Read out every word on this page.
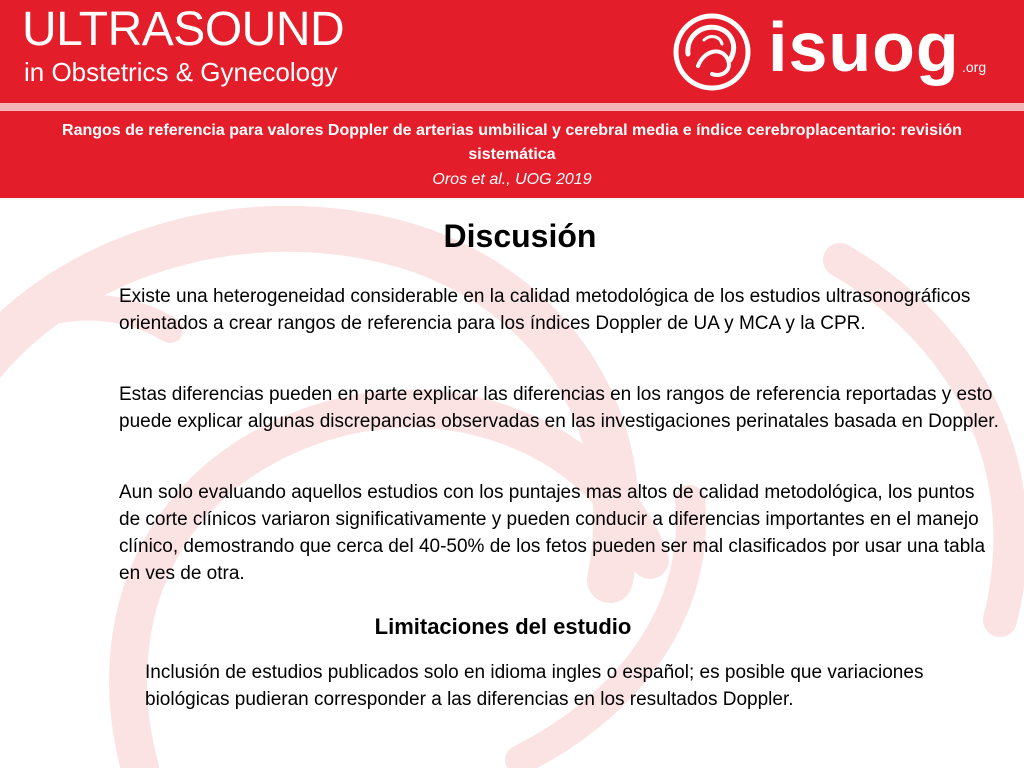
ULTRASOUND
in Obstetrics & Gynecology	isuog .org
Rangos de referencia para valores Doppler de arterias umbilical y cerebral media e índice cerebroplacentario: revisión sistemática
Oros et al., UOG 2019
Discusión

Existe una heterogeneidad considerable en la calidad metodológica de los estudios ultrasonográficos orientados a crear rangos de referencia para los índices Doppler de UA y MCA y la CPR.

Estas diferencias pueden en parte explicar las diferencias en los rangos de referencia reportadas y esto puede explicar algunas discrepancias observadas en las investigaciones perinatales basada en Doppler.

Aun solo evaluando aquellos estudios con los puntajes mas altos de calidad metodológica, los puntos de corte clínicos variaron significativamente y pueden conducir a diferencias importantes en el manejo clínico, demostrando que cerca del 40-50% de los fetos pueden ser mal clasificados por usar una tabla en ves de otra.

Limitaciones del estudio

Inclusión de estudios publicados solo en idioma ingles o español; es posible que variaciones biológicas pudieran corresponder a las diferencias en los resultados Doppler.
